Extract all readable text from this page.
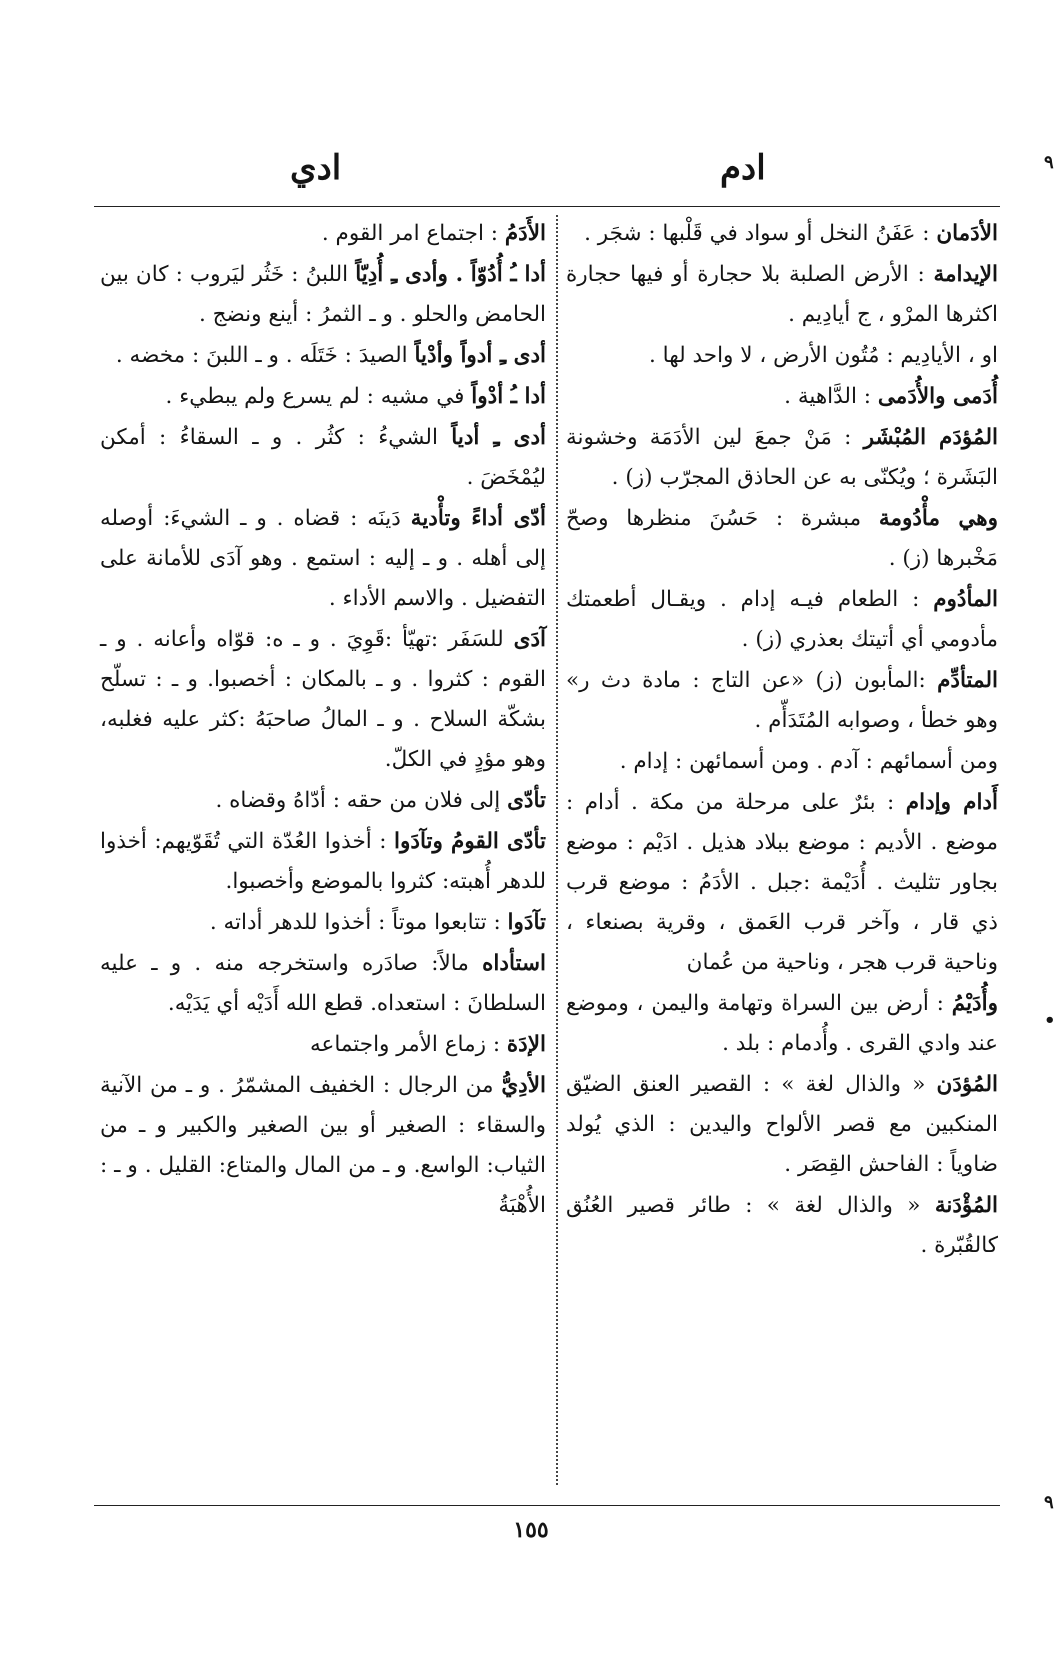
٩
•
٩
ادم
ادي

الأدَمان : عَفَنُ النخل أو سواد في قَلْبها : شجَر .

الإيدامة : الأرض الصلبة بلا حجارة أو فيها حجارة اكثرها المرْو ، ج أيادِيم .

او ، الأيادِيم : مُتُون الأرض ، لا واحد لها .

أُدَمى والأُدَمى : الدَّاهية .

المُؤدَم المُبْشَر : مَنْ جمعَ لين الأدَمَة وخشونة البَشَرة ؛ ويُكنّى به عن الحاذق المجرّب (ز) .

وهي مأْدُومة مبشرة : حَسُنَ منظرها وصحّ مَخْبرها (ز) .

المأدُوم : الطعام فيـه إدام . ويقـال أطعمتك مأدومي أي أتيتك بعذري (ز) .

المتأدِّم :المأبون (ز) «عن التاج : مادة دث ر» وهو خطأ ، وصوابه المُتَدَأّم .

ومن أسمائهم : آدم . ومن أسمائهن : إدام .

أَدام وإدام : بئرٌ على مرحلة من مكة . أدام : موضع . الأديم : موضع ببلاد هذيل . ادَيْم : موضع بجاور تثليث . أُدَيْمة :جبل . الأدَمُ : موضع قرب ذي قار ، وآخر قرب العَمق ، وقرية بصنعاء ، وناحية قرب هجر ، وناحية من عُمان

وأُدَيْمُ : أرض بين السراة وتهامة واليمن ، وموضع عند وادي القرى . وأُدمام : بلد .

المُؤدَن « والذال لغة » : القصير العنق الضيّق المنكبين مع قصر الألواح واليدين : الذي يُولد ضاوياً : الفاحش القِصَر .

المُؤْدَنة « والذال لغة » : طائر قصير العُنُق كالقُبّرة .

الأَدَمُ : اجتماع امر القوم .

أدا ـُ أُدُوّاً . وأدى ـِ أُدِيّاً اللبنُ : خَثُر ليَروب : كان بين الحامض والحلو . و ـ الثمرُ : أينع ونضج .

أدى ـِ أدواً وأدْياً الصيدَ : خَتَلَه . و ـ اللبنَ : مخضه .

أدا ـُ أدْواً في مشيه : لم يسرع ولم يبطيء .

أدى ـِ أدياً الشيءُ : كثُر . و ـ السقاءُ : أمكن ليُمْخَضَ .

أدّى أداءً وتأْدية دَينَه : قضاه . و ـ الشيءَ: أوصله إلى أهله . و ـ إليه : استمع . وهو آدَى للأمانة على التفضيل . والاسم الأداء .

آدَى للسَفَر :تهيّأ :قَوِيَ . و ـ ه: قوّاه وأعانه . و ـ القوم : كثروا . و ـ بالمكان : أخصبوا. و ـ : تسلّح بشكّة السلاح . و ـ المالُ صاحبَهُ :كثر عليه فغلبه، وهو مؤدٍ في الكلّ.

تأدّى إلى فلان من حقه : أدّاهُ وقضاه .

تأدّى القومُ وتآدَوا : أخذوا العُدّة التي تُقَوّيهم: أخذوا للدهر أُهبته: كثروا بالموضع وأخصبوا.

تآدَوا : تتابعوا موتاً : أخذوا للدهر أداته .

استأداه مالاً: صادَره واستخرجه منه . و ـ عليه السلطانَ : استعداه. قطع الله أَدَيْه أي يَدَيْه.

الإدَة : زماع الأمر واجتماعه

الأدِيُّ من الرجال : الخفيف المشمّرُ . و ـ من الآنية والسقاء : الصغير أو بين الصغير والكبير و ـ من الثياب: الواسع. و ـ من المال والمتاع: القليل . و ـ : الأُهْبَةُ

١٥٥
